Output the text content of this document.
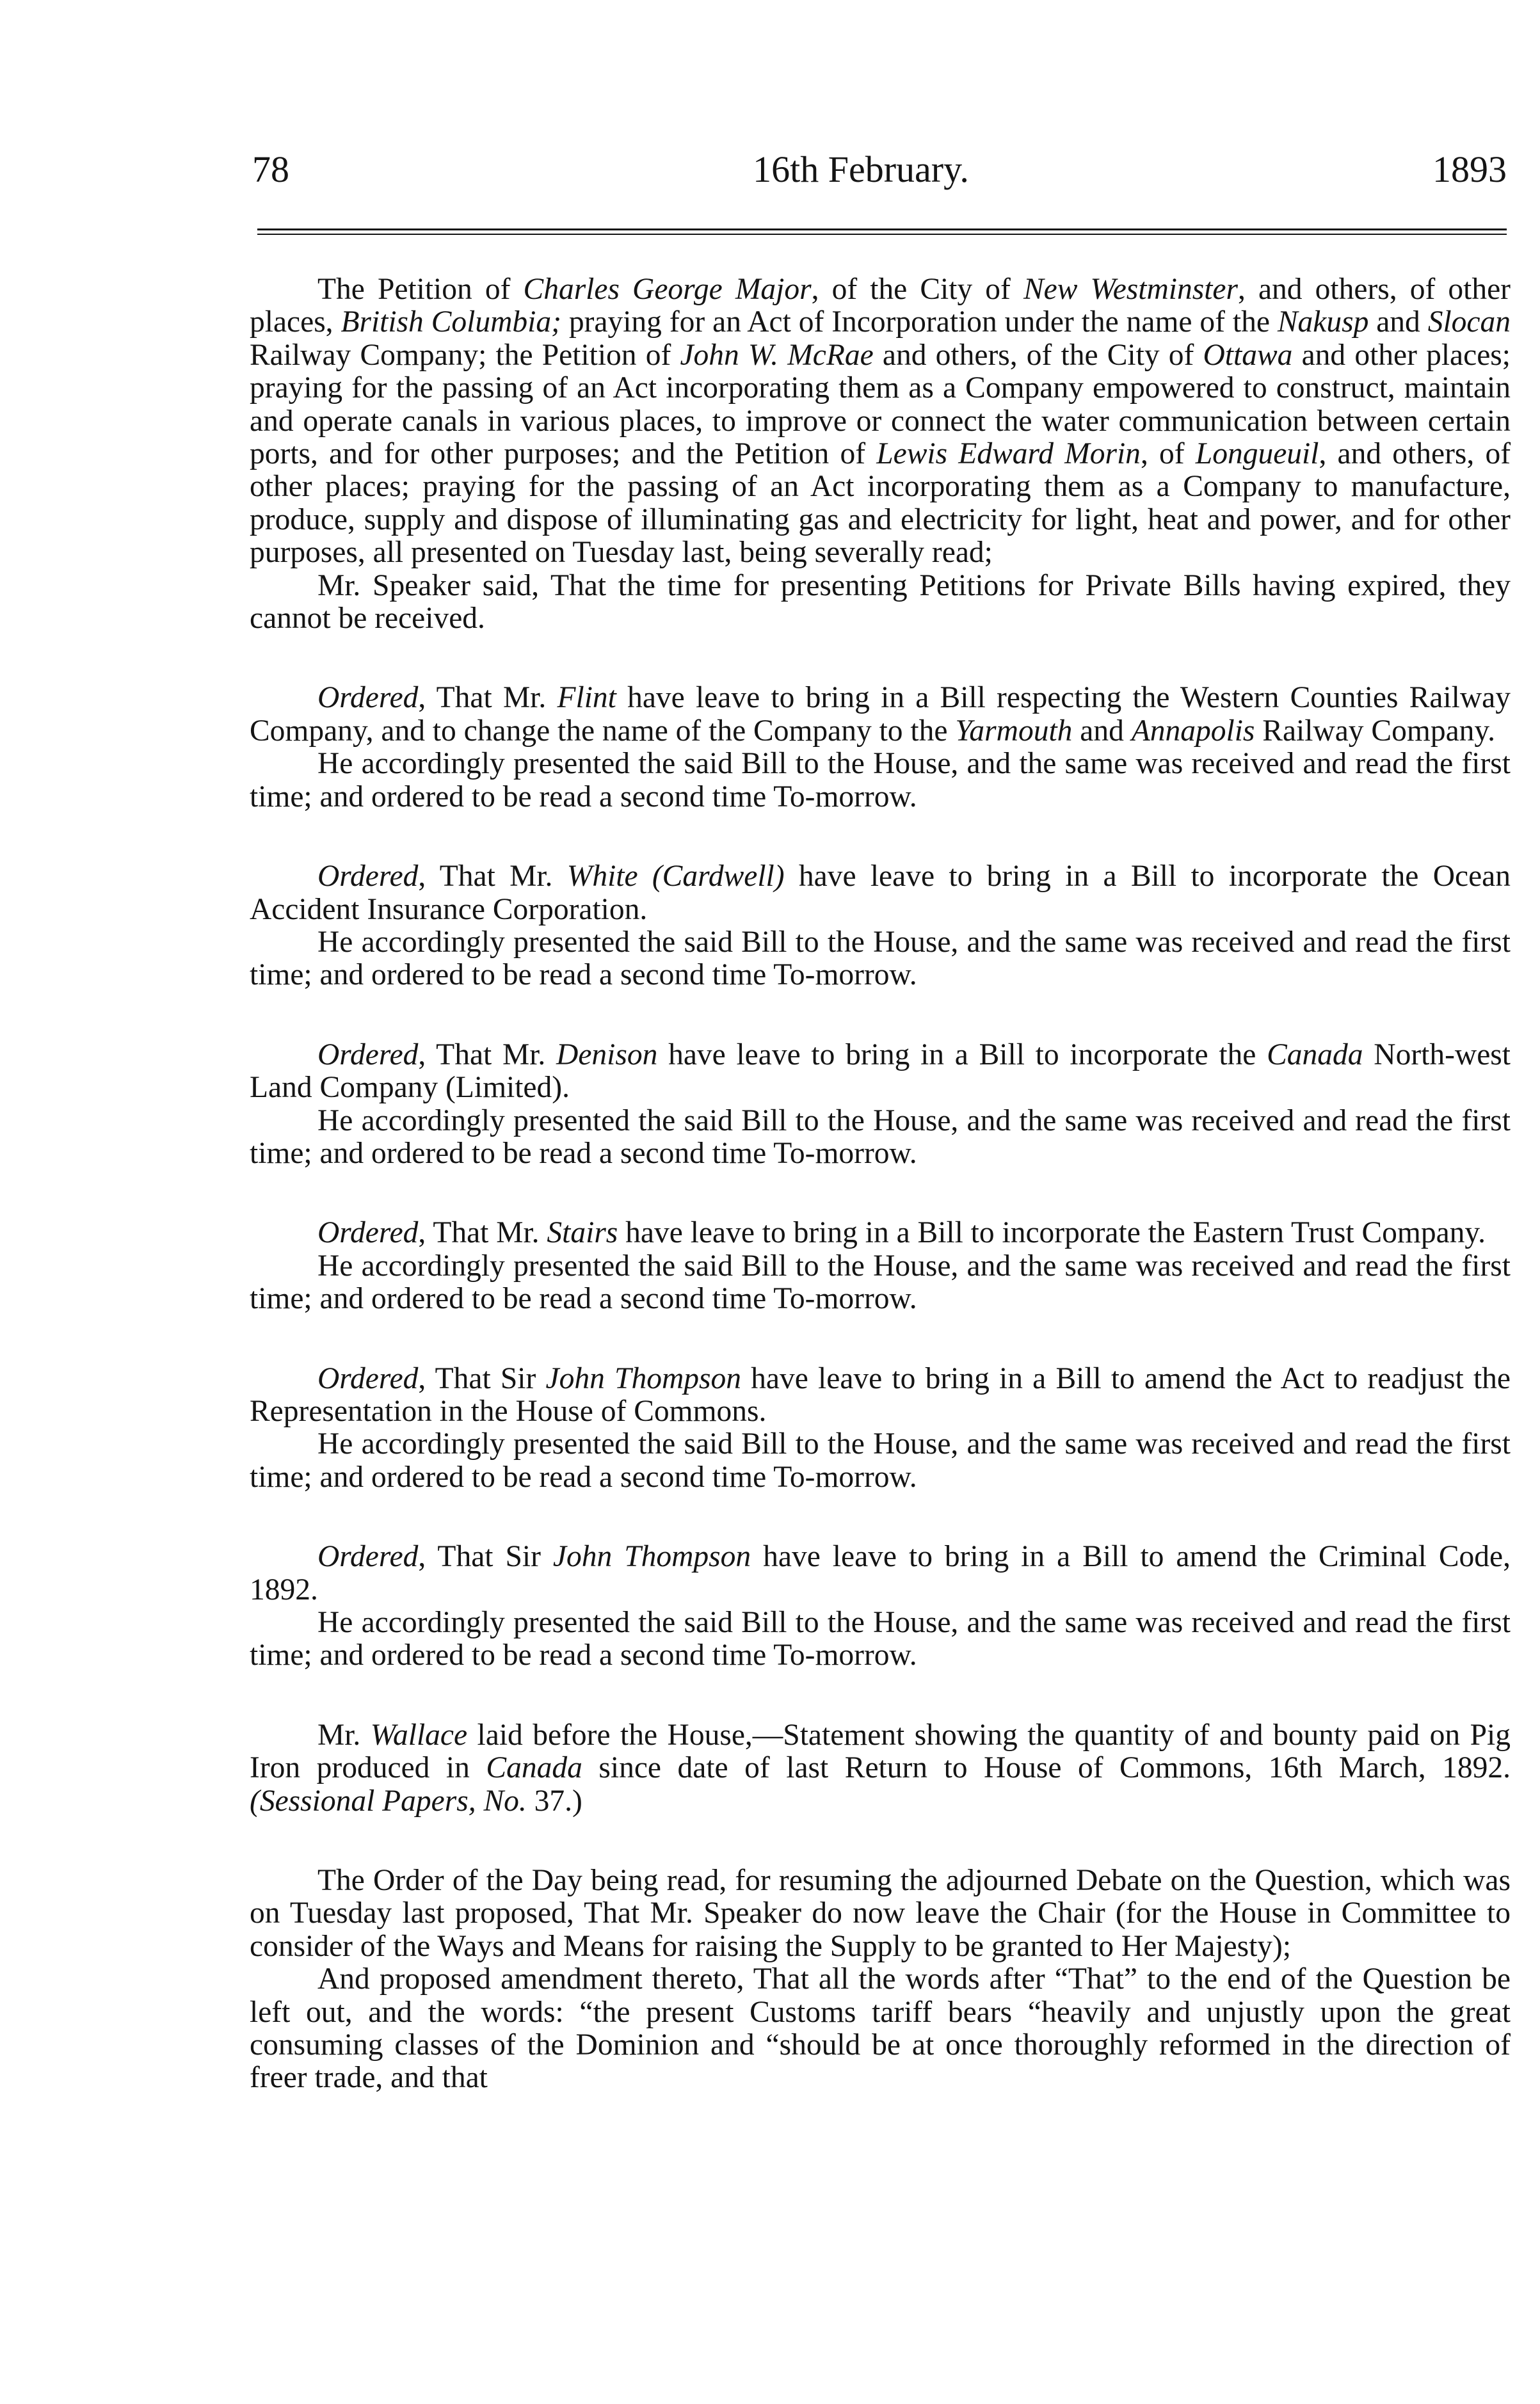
78	16th February.	1893

The Petition of Charles George Major, of the City of New Westminster, and others, of other places, British Columbia; praying for an Act of Incorporation under the name of the Nakusp and Slocan Railway Company; the Petition of John W. McRae and others, of the City of Ottawa and other places; praying for the passing of an Act incorporating them as a Company empowered to construct, maintain and operate canals in various places, to improve or connect the water communication between certain ports, and for other purposes; and the Petition of Lewis Edward Morin, of Longueuil, and others, of other places; praying for the passing of an Act incorporating them as a Company to manufacture, produce, supply and dispose of illuminating gas and electricity for light, heat and power, and for other purposes, all presented on Tuesday last, being severally read;

Mr. Speaker said, That the time for presenting Petitions for Private Bills having expired, they cannot be received.

Ordered, That Mr. Flint have leave to bring in a Bill respecting the Western Counties Railway Company, and to change the name of the Company to the Yarmouth and Annapolis Railway Company.

He accordingly presented the said Bill to the House, and the same was received and read the first time; and ordered to be read a second time To-morrow.

Ordered, That Mr. White (Cardwell) have leave to bring in a Bill to incorporate the Ocean Accident Insurance Corporation.

He accordingly presented the said Bill to the House, and the same was received and read the first time; and ordered to be read a second time To-morrow.

Ordered, That Mr. Denison have leave to bring in a Bill to incorporate the Canada North-west Land Company (Limited).

He accordingly presented the said Bill to the House, and the same was received and read the first time; and ordered to be read a second time To-morrow.

Ordered, That Mr. Stairs have leave to bring in a Bill to incorporate the Eastern Trust Company.

He accordingly presented the said Bill to the House, and the same was received and read the first time; and ordered to be read a second time To-morrow.

Ordered, That Sir John Thompson have leave to bring in a Bill to amend the Act to readjust the Representation in the House of Commons.

He accordingly presented the said Bill to the House, and the same was received and read the first time; and ordered to be read a second time To-morrow.

Ordered, That Sir John Thompson have leave to bring in a Bill to amend the Criminal Code, 1892.

He accordingly presented the said Bill to the House, and the same was received and read the first time; and ordered to be read a second time To-morrow.

Mr. Wallace laid before the House,—Statement showing the quantity of and bounty paid on Pig Iron produced in Canada since date of last Return to House of Commons, 16th March, 1892. (Sessional Papers, No. 37.)

The Order of the Day being read, for resuming the adjourned Debate on the Question, which was on Tuesday last proposed, That Mr. Speaker do now leave the Chair (for the House in Committee to consider of the Ways and Means for raising the Supply to be granted to Her Majesty);

And proposed amendment thereto, That all the words after “That” to the end of the Question be left out, and the words: “the present Customs tariff bears “heavily and unjustly upon the great consuming classes of the Dominion and “should be at once thoroughly reformed in the direction of freer trade, and that
